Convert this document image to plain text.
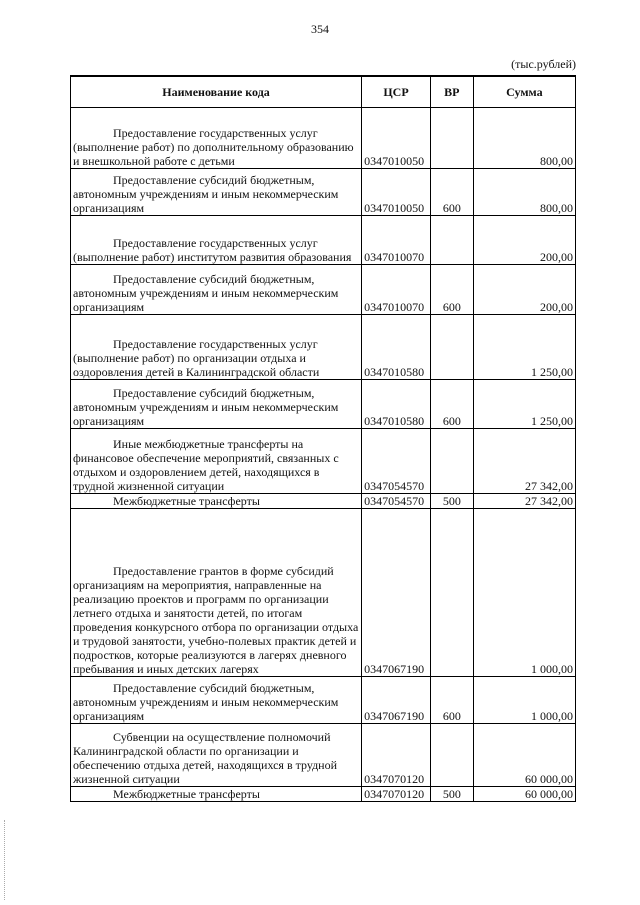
354
(тыс.рублей)
Наименование кода	ЦСР	ВР	Сумма
Предоставление государственных услуг (выполнение работ) по дополнительному образованию и внешкольной работе с детьми	0347010050		800,00
Предоставление субсидий бюджетным, автономным учреждениям и иным некоммерческим организациям	0347010050	600	800,00
Предоставление государственных услуг (выполнение работ) институтом развития образования	0347010070		200,00
Предоставление субсидий бюджетным, автономным учреждениям и иным некоммерческим организациям	0347010070	600	200,00
Предоставление государственных услуг (выполнение работ) по организации отдыха и оздоровления детей в Калининградской области	0347010580		1 250,00
Предоставление субсидий бюджетным, автономным учреждениям и иным некоммерческим организациям	0347010580	600	1 250,00
Иные межбюджетные трансферты на финансовое обеспечение мероприятий, связанных с отдыхом и оздоровлением детей, находящихся в трудной жизненной ситуации	0347054570		27 342,00
Межбюджетные трансферты	0347054570	500	27 342,00
Предоставление грантов в форме субсидий организациям на мероприятия, направленные на реализацию проектов и программ по организации летнего отдыха и занятости детей, по итогам проведения конкурсного отбора по организации отдыха и трудовой занятости, учебно-полевых практик детей и подростков, которые реализуются в лагерях дневного пребывания и иных детских лагерях	0347067190		1 000,00
Предоставление субсидий бюджетным, автономным учреждениям и иным некоммерческим организациям	0347067190	600	1 000,00
Субвенции на осуществление полномочий Калининградской области по организации и обеспечению отдыха детей, находящихся в трудной жизненной ситуации	0347070120		60 000,00
Межбюджетные трансферты	0347070120	500	60 000,00
